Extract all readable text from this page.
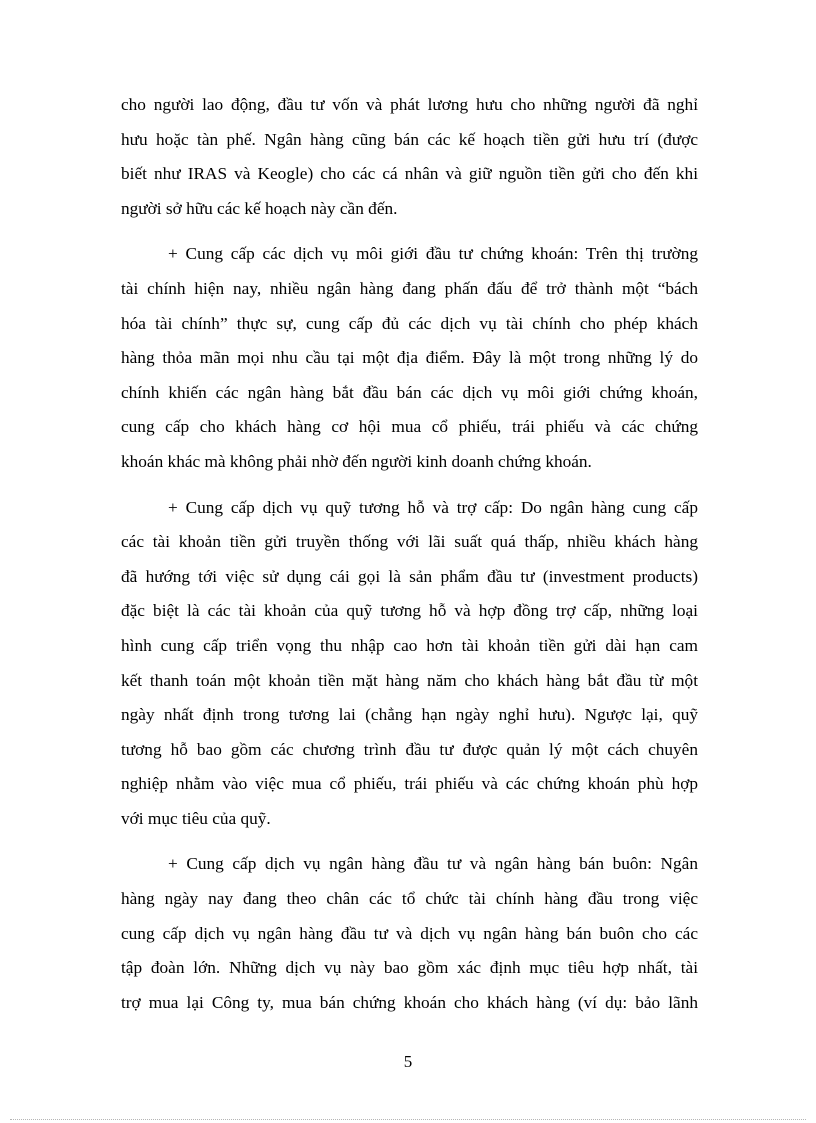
cho người lao động, đầu tư vốn và phát lương hưu cho những người đã nghỉ
hưu hoặc tàn phế. Ngân hàng cũng bán các kế hoạch tiền gửi hưu trí (được
biết như IRAS và Keogle) cho các cá nhân và giữ nguồn tiền gửi cho đến khi
người sở hữu các kế hoạch này cần đến.
+ Cung cấp các dịch vụ môi giới đầu tư chứng khoán: Trên thị trường
tài chính hiện nay, nhiều ngân hàng đang phấn đấu để trở thành một “bách
hóa tài chính” thực sự, cung cấp đủ các dịch vụ tài chính cho phép khách
hàng thỏa mãn mọi nhu cầu tại một địa điểm. Đây là một trong những lý do
chính khiến các ngân hàng bắt đầu bán các dịch vụ môi giới chứng khoán,
cung cấp cho khách hàng cơ hội mua cổ phiếu, trái phiếu và các chứng
khoán khác mà không phải nhờ đến người kinh doanh chứng khoán.
+ Cung cấp dịch vụ quỹ tương hỗ và trợ cấp: Do ngân hàng cung cấp
các tài khoản tiền gửi truyền thống với lãi suất quá thấp, nhiều khách hàng
đã hướng tới việc sử dụng cái gọi là sản phẩm đầu tư (investment products)
đặc biệt là các tài khoản của quỹ tương hỗ và hợp đồng trợ cấp, những loại
hình cung cấp triển vọng thu nhập cao hơn tài khoản tiền gửi dài hạn cam
kết thanh toán một khoản tiền mặt hàng năm cho khách hàng bắt đầu từ một
ngày nhất định trong tương lai (chẳng hạn ngày nghỉ hưu). Ngược lại, quỹ
tương hỗ bao gồm các chương trình đầu tư được quản lý một cách chuyên
nghiệp nhằm vào việc mua cổ phiếu, trái phiếu và các chứng khoán phù hợp
với mục tiêu của quỹ.
+ Cung cấp dịch vụ ngân hàng đầu tư và ngân hàng bán buôn: Ngân
hàng ngày nay đang theo chân các tổ chức tài chính hàng đầu trong việc
cung cấp dịch vụ ngân hàng đầu tư và dịch vụ ngân hàng bán buôn cho các
tập đoàn lớn. Những dịch vụ này bao gồm xác định mục tiêu hợp nhất, tài
trợ mua lại Công ty, mua bán chứng khoán cho khách hàng (ví dụ: bảo lãnh
5
